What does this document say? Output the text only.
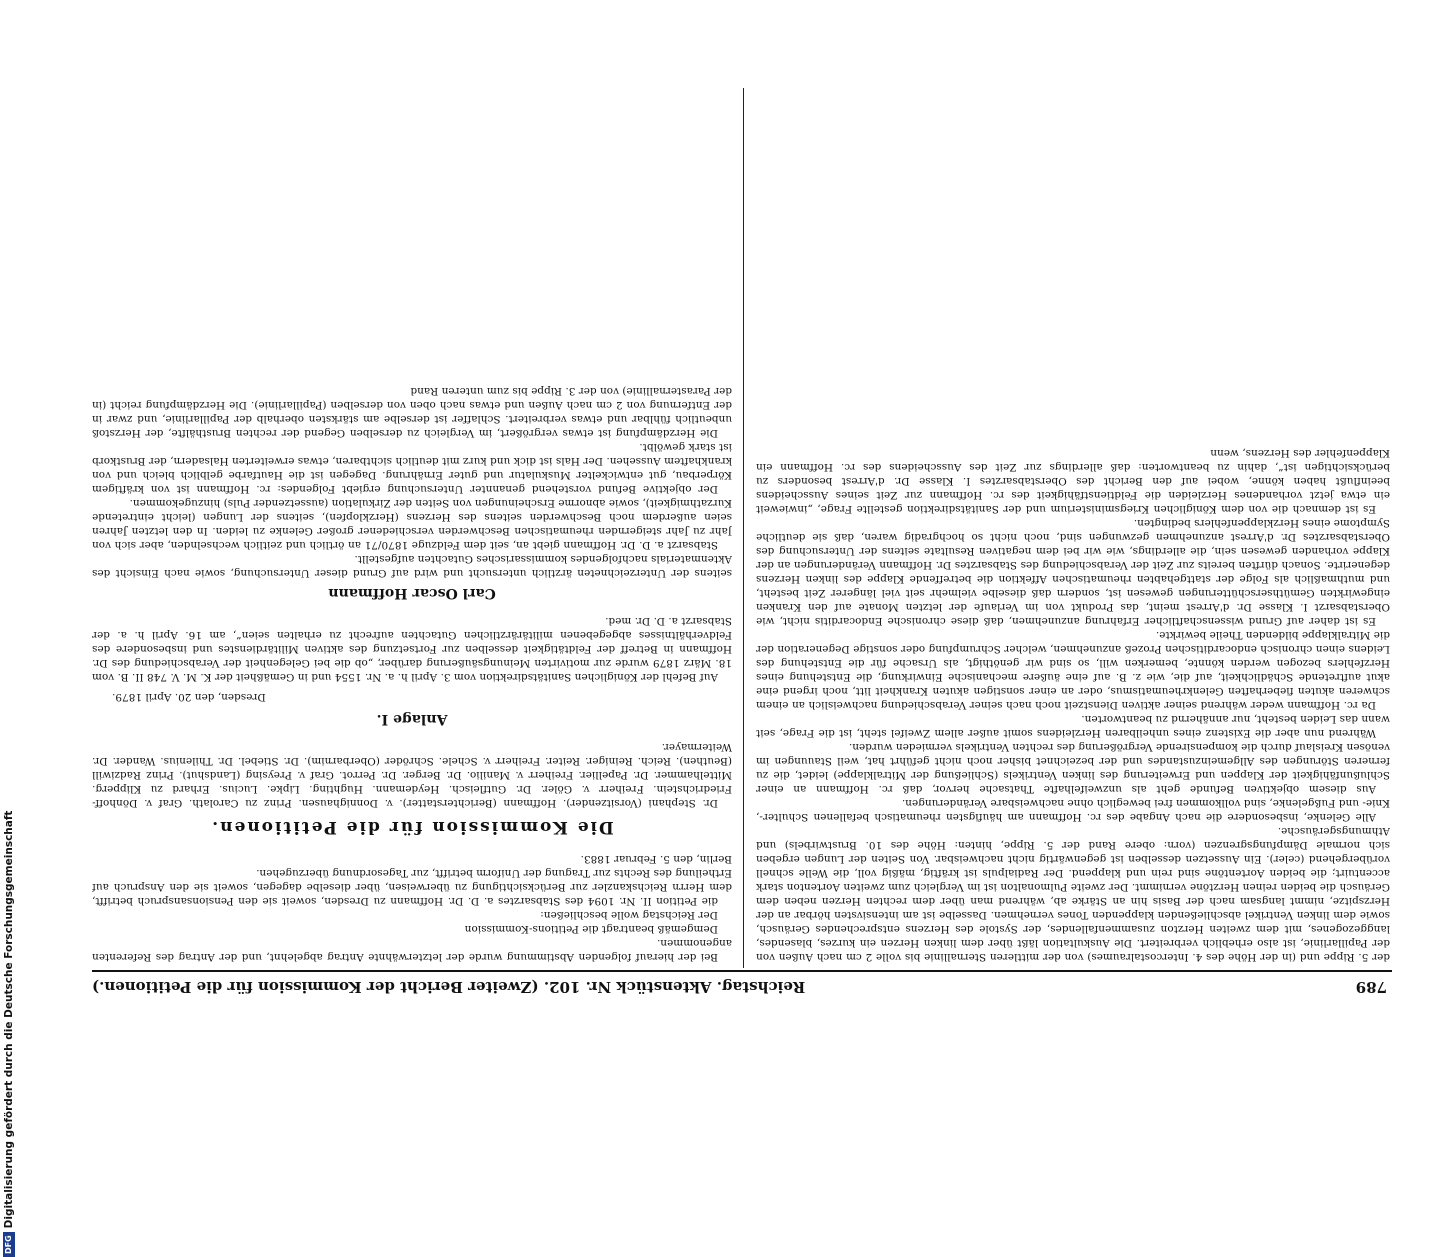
789
Reichstag. Aktenstück Nr. 102. (Zweiter Bericht der Kommission für die Petitionen.)

Bei der hierauf folgenden Abstimmung wurde der letzterwähnte Antrag abgelehnt, und der Antrag des Referenten angenommen.

Demgemäß beantragt die Petitions-Kommission

Der Reichstag wolle beschließen:

die Petition II. Nr. 1094 des Stabsarztes a. D. Dr. Hoffmann zu Dresden, soweit sie den Pensionsanspruch betrifft, dem Herrn Reichskanzler zur Berücksichtigung zu überweisen, über dieselbe dagegen, soweit sie den Anspruch auf Ertheilung des Rechts zur Tragung der Uniform betrifft, zur Tagesordnung überzugehen.

Berlin, den 5. Februar 1883.

Die Kommission für die Petitionen.

Dr. Stephani (Vorsitzender). Hoffmann (Berichterstatter). v. Donnighausen. Prinz zu Carolath. Graf v. Dönhoff-Friedrichstein. Freiherr v. Göler. Dr. Gutfleisch. Heydemann. Hughting. Lipke. Lucius. Erhard zu Klipperg. Mittelhammer. Dr. Papellier. Freiherr v. Manilio. Dr. Berger. Dr. Perrot. Graf v. Preysing (Landshut). Prinz Radziwill (Beuthen). Reich. Reiniger. Reiter. Freiherr v. Schele. Schröder (Oberbarnim). Dr. Stiebel. Dr. Thilenius. Wander. Dr. Weitermayer.

Anlage I.
Dresden, den 20. April 1879.

Auf Befehl der Königlichen Sanitätsdirektion vom 3. April h. a. Nr. 1554 und in Gemäßheit der K. M. V. 748 II. B. vom 18. März 1879 wurde zur motivirten Meinungsäußerung darüber, „ob die bei Gelegenheit der Verabschiedung des Dr. Hoffmann in Betreff der Feldtätigkeit desselben zur Fortsetzung des aktiven Militärdienstes und insbesondere des Feldverhältnisses abgegebenen militärärztlichen Gutachten aufrecht zu erhalten seien“, am 16. April h. a. der Stabsarzt a. D. Dr. med.

Carl Oscar Hoffmann

seitens der Unterzeichneten ärztlich untersucht und wird auf Grund dieser Untersuchung, sowie nach Einsicht des Aktenmaterials nachfolgendes kommissarisches Gutachten aufgestellt.

Stabsarzt a. D. Dr. Hoffmann giebt an, seit dem Feldzuge 1870/71 an örtlich und zeitlich wechselnden, aber sich von Jahr zu Jahr steigernden rheumatischen Beschwerden verschiedener großer Gelenke zu leiden. In den letzten Jahren seien außerdem noch Beschwerden seitens des Herzens (Herzklopfen), seitens der Lungen (leicht eintretende Kurzathmigkeit), sowie abnorme Erscheinungen von Seiten der Zirkulation (aussetzender Puls) hinzugekommen.

Der objektive Befund vorstehend genannter Untersuchung ergiebt Folgendes: rc. Hoffmann ist von kräftigem Körperbau, gut entwickelter Muskulatur und guter Ernährung. Dagegen ist die Hautfarbe gelblich bleich und von krankhaftem Aussehen. Der Hals ist dick und kurz mit deutlich sichtbaren, etwas erweiterten Halsadern, der Brustkorb ist stark gewölbt.

Die Herzdämpfung ist etwas vergrößert, im Vergleich zu derselben Gegend der rechten Brusthälfte, der Herzstoß unbeutlich fühlbar und etwas verbreitert. Schlaffer ist derselbe am stärksten oberhalb der Papillarlinie, und zwar in der Entfernung von 2 cm nach Außen und etwas nach oben von derselben (Papillarlinie). Die Herzdämpfung reicht (in der Parasternallinie) von der 3. Rippe bis zum unteren Rand

der 5. Rippe und (in der Höhe des 4. Intercostalraumes) von der mittleren Sternallinie bis volle 2 cm nach Außen von der Papillarlinie, ist also erheblich verbreitert. Die Auskultation läßt über dem linken Herzen ein kurzes, blasendes, langgezogenes, mit dem zweiten Herzton zusammenfallendes, der Systole des Herzens entsprechendes Geräusch, sowie dem linken Ventrikel abschließenden klappenden Tones vernehmen. Dasselbe ist am intensivsten hörbar an der Herzspitze, nimmt langsam nach der Basis hin an Stärke ab, während man über dem rechten Herzen neben dem Geräusch die beiden reinen Herztöne vernimmt. Der zweite Pulmonalton ist im Vergleich zum zweiten Aortenton stark accentuirt; die beiden Aortentöne sind rein und klappend. Der Radialpuls ist kräftig, mäßig voll, die Welle schnell vorübergehend (celer). Ein Aussetzen desselben ist gegenwärtig nicht nachweisbar. Von Seiten der Lungen ergeben sich normale Dämpfungsgrenzen (vorn: obere Rand der 5. Rippe, hinten: Höhe des 10. Brustwirbels) und Athmungsgeräusche.

Alle Gelenke, insbesondere die nach Angabe des rc. Hoffmann am häufigsten rheumatisch befallenen Schulter-, Knie- und Fußgelenke, sind vollkommen frei beweglich ohne nachweisbare Veränderungen.

Aus diesem objektiven Befunde geht als unzweifelhafte Thatsache hervor, daß rc. Hoffmann an einer Schlußunfähigkeit der Klappen und Erweiterung des linken Ventrikels (Schließung der Mitralklappe) leidet, die zu ferneren Störungen des Allgemeinzustandes und der bezeichnet bisher noch nicht geführt hat, weil Stauungen im venösen Kreislauf durch die kompensirende Vergrößerung des rechten Ventrikels vermieden wurden.

Während nun aber die Existenz eines unheilbaren Herzleidens somit außer allem Zweifel steht, ist die Frage, seit wann das Leiden besteht, nur annähernd zu beantworten.

Da rc. Hoffmann weder während seiner aktiven Dienstzeit noch nach seiner Verabschiedung nachweislich an einem schweren akuten fieberhaften Gelenkrheumatismus, oder an einer sonstigen akuten Krankheit litt, noch irgend eine akut auftretende Schädlichkeit, auf die, wie z. B. auf eine äußere mechanische Einwirkung, die Entstehung eines Herzfehlers bezogen werden könnte, bemerken will, so sind wir genöthigt, als Ursache für die Entstehung des Leidens einen chronisch endocarditischen Prozeß anzunehmen, welcher Schrumpfung oder sonstige Degeneration der die Mitralklappe bildenden Theile bewirkte.

Es ist daher auf Grund wissenschaftlicher Erfahrung anzunehmen, daß diese chronische Endocarditis nicht, wie Oberstabsarzt I. Klasse Dr. d'Arrest meint, das Produkt von im Verlaufe der letzten Monate auf den Kranken eingewirkten Gemüthserschütterungen gewesen ist, sondern daß dieselbe vielmehr seit viel längerer Zeit besteht, und muthmaßlich als Folge der stattgehabten rheumatischen Affektion die betreffende Klappe des linken Herzens degenerirte. Sonach dürften bereits zur Zeit der Verabschiedung des Stabsarztes Dr. Hoffmann Veränderungen an der Klappe vorhanden gewesen sein, die allerdings, wie wir bei dem negativen Resultate seitens der Untersuchung des Oberstabsarztes Dr. d'Arrest anzunehmen gezwungen sind, noch nicht so hochgradig waren, daß sie deutliche Symptome eines Herzklappenfehlers bedingten.

Es ist demnach die von dem Königlichen Kriegsministerium und der Sanitätsdirektion gestellte Frage, „inwieweit ein etwa jetzt vorhandenes Herzleiden die Feldtienstfähigkeit des rc. Hoffmann zur Zeit seines Ausscheidens beeinflußt haben könne, wobei auf den Bericht des Oberstabsarztes I. Klasse Dr. d'Arrest besonders zu berücksichtigen ist“, dahin zu beantworten: daß allerdings zur Zeit des Ausscheidens des rc. Hoffmann ein Klappenfehler des Herzens, wenn

DFGDigitalisierung gefördert durch die Deutsche Forschungsgemeinschaft
